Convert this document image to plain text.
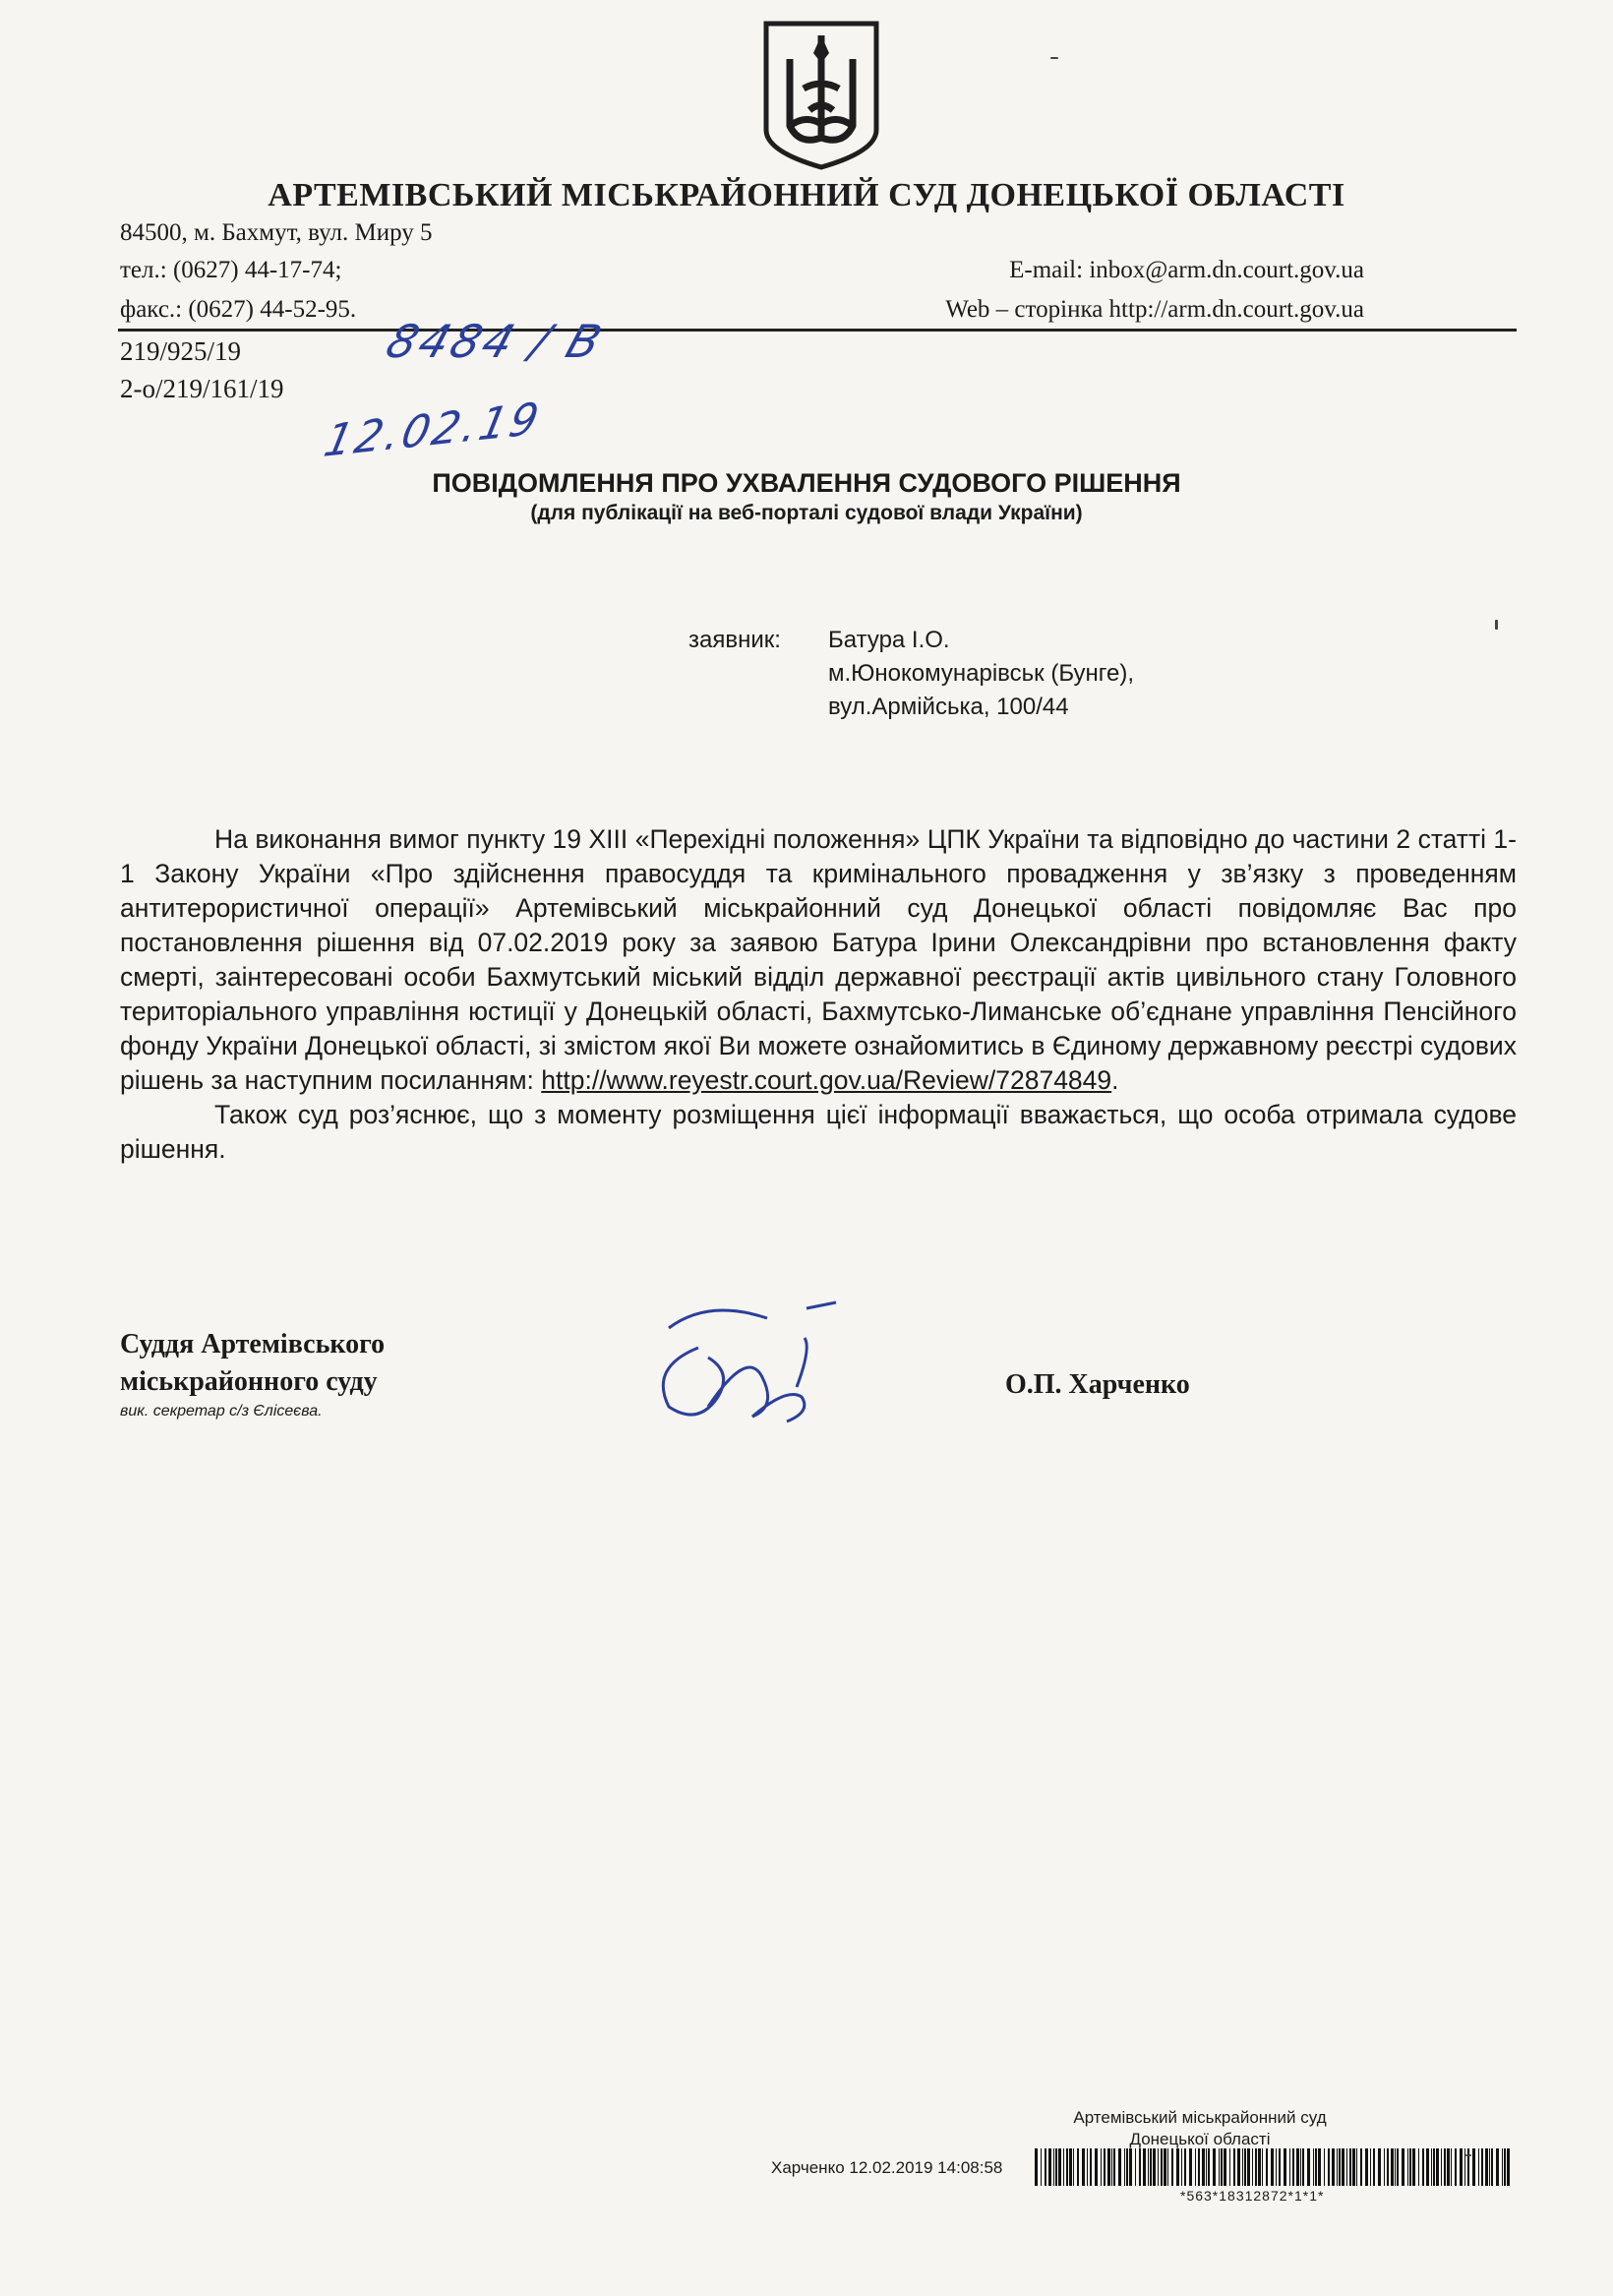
АРТЕМІВСЬКИЙ МІСЬКРАЙОННИЙ СУД ДОНЕЦЬКОЇ ОБЛАСТІ
84500, м. Бахмут, вул. Миру 5
тел.: (0627) 44-17-74;
факс.: (0627) 44-52-95.
E-mail: inbox@arm.dn.court.gov.ua
Web – сторінка http://arm.dn.court.gov.ua
219/925/19
2-о/219/161/19
8484 / B
12.02.19
ПОВІДОМЛЕННЯ ПРО УХВАЛЕННЯ СУДОВОГО РІШЕННЯ
(для публікації на веб-порталі судової влади України)
заявник: Батура І.О.
м.Юнокомунарівськ (Бунге),
вул.Армійська, 100/44

На виконання вимог пункту 19 XIII «Перехідні положення» ЦПК України та відповідно до частини 2 статті 1-1 Закону України «Про здійснення правосуддя та кримінального провадження у зв’язку з проведенням антитерористичної операції» Артемівський міськрайонний суд Донецької області повідомляє Вас про постановлення рішення від 07.02.2019 року за заявою Батура Ірини Олександрівни про встановлення факту смерті, заінтересовані особи Бахмутський міський відділ державної реєстрації актів цивільного стану Головного територіального управління юстиції у Донецькій області, Бахмутсько-Лиманське об’єднане управління Пенсійного фонду України Донецької області, зі змістом якої Ви можете ознайомитись в Єдиному державному реєстрі судових рішень за наступним посиланням: http://www.reyestr.court.gov.ua/Review/72874849.

Також суд роз’яснює, що з моменту розміщення цієї інформації вважається, що особа отримала судове рішення.

Суддя Артемівського
міськрайонного суду
вик. секретар с/з Єлісеєва.
О.П. Харченко
Артемівський міськрайонний суд
Донецької області
Харченко 12.02.2019 14:08:58
*563*18312872*1*1*
